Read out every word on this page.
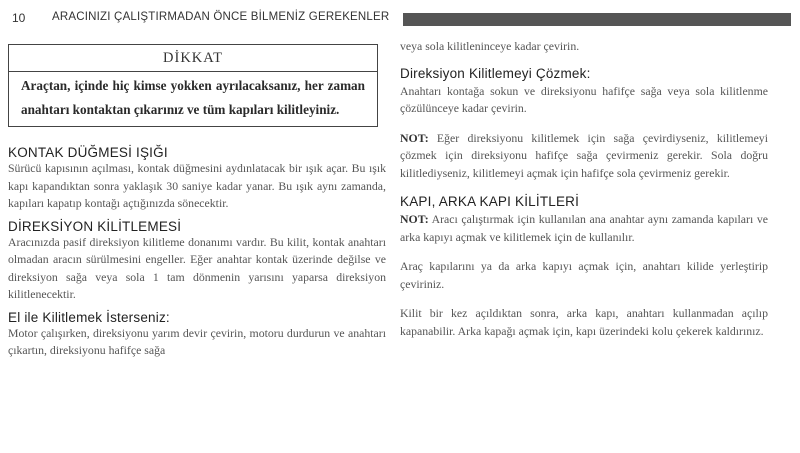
10 ARACINIZI ÇALIŞTIRMADAN ÖNCE BİLMENİZ GEREKENLER
DİKKAT
Araçtan, içinde hiç kimse yokken ayrılacaksanız, her zaman anahtarı kontaktan çıkarınız ve tüm kapıları kilitleyiniz.
KONTAK DÜĞMESİ IŞIĞI

Sürücü kapısının açılması, kontak düğmesini aydınlatacak bir ışık açar. Bu ışık kapı kapandıktan sonra yaklaşık 30 saniye kadar yanar. Bu ışık aynı zamanda, kapıları kapatıp kontağı açtığınızda sönecektir.

DİREKSİYON KİLİTLEMESİ

Aracınızda pasif direksiyon kilitleme donanımı vardır. Bu kilit, kontak anahtarı olmadan aracın sürülmesini engeller. Eğer anahtar kontak üzerinde değilse ve direksiyon sağa veya sola 1 tam dönmenin yarısını yaparsa direksiyon kilitlenecektir.

El ile Kilitlemek İsterseniz:

Motor çalışırken, direksiyonu yarım devir çevirin, motoru durdurun ve anahtarı çıkartın, direksiyonu hafifçe sağa

veya sola kilitleninceye kadar çevirin.

Direksiyon Kilitlemeyi Çözmek:

Anahtarı kontağa sokun ve direksiyonu hafifçe sağa veya sola kilitlenme çözülünceye kadar çevirin.

NOT: Eğer direksiyonu kilitlemek için sağa çevirdiyseniz, kilitlemeyi çözmek için direksiyonu hafifçe sağa çevirmeniz gerekir. Sola doğru kilitlediyseniz, kilitlemeyi açmak için hafifçe sola çevirmeniz gerekir.

KAPI, ARKA KAPI KİLİTLERİ

NOT: Aracı çalıştırmak için kullanılan ana anahtar aynı zamanda kapıları ve arka kapıyı açmak ve kilitlemek için de kullanılır.

Araç kapılarını ya da arka kapıyı açmak için, anahtarı kilide yerleştirip çeviriniz.

Kilit bir kez açıldıktan sonra, arka kapı, anahtarı kullanmadan açılıp kapanabilir. Arka kapağı açmak için, kapı üzerindeki kolu çekerek kaldırınız.
